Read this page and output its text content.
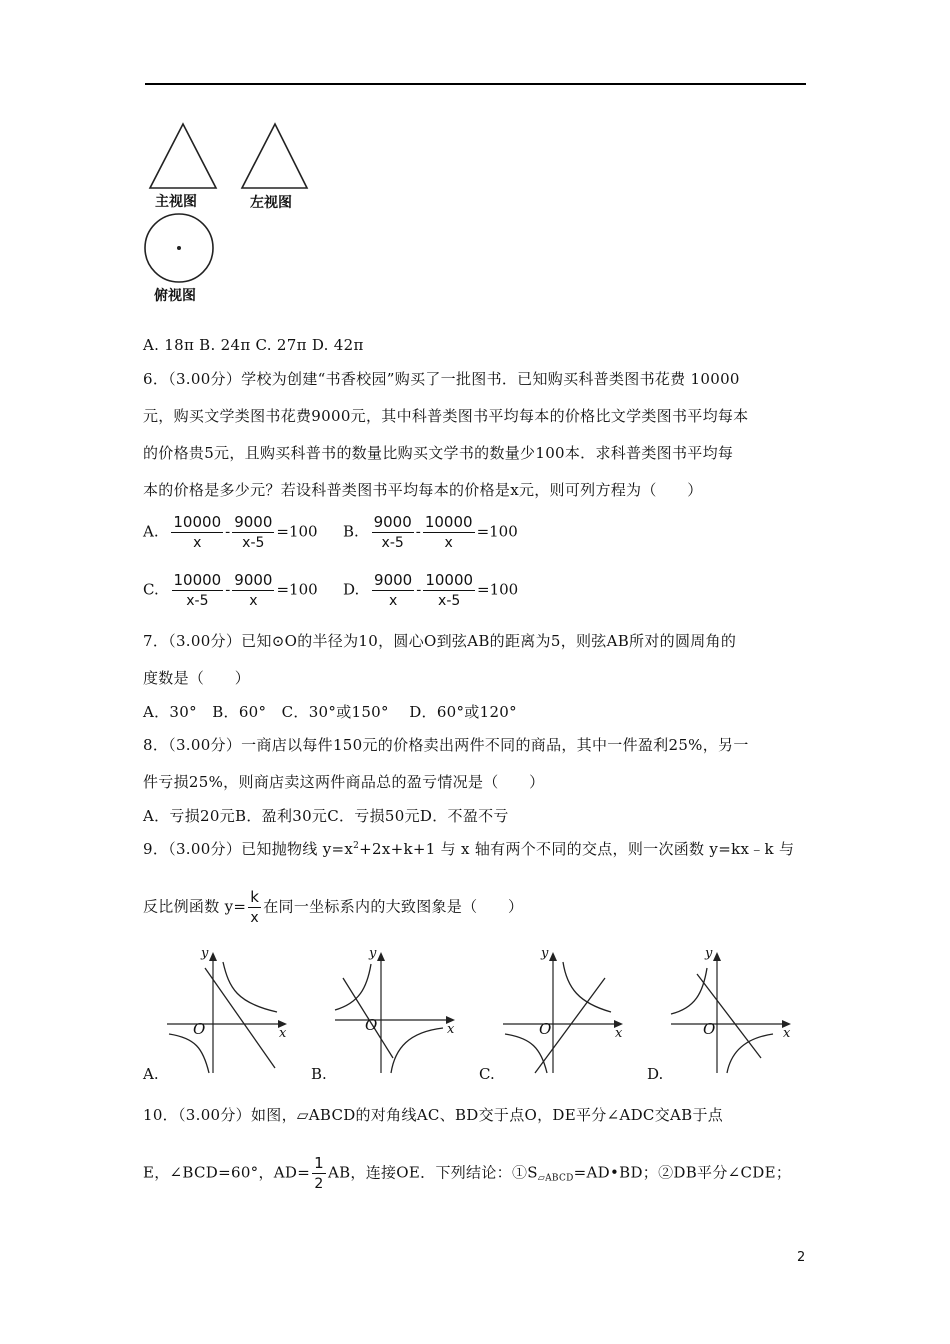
主视图	左视图
俯视图
A. 18π B. 24π C. 27π D. 42π
6．（3.00分）学校为创建“书香校园”购买了一批图书．已知购买科普类图书花费 10000
元，购买文学类图书花费9000元，其中科普类图书平均每本的价格比文学类图书平均每本
的价格贵5元，且购买科普书的数量比购买文学书的数量少100本．求科普类图书平均每
本的价格是多少元？若设科普类图书平均每本的价格是x元，则可列方程为（　　）
A. $\frac{10000}{x} - \frac{9000}{x-5} =100$ B. $\frac{9000}{x-5} - \frac{10000}{x} =100$
C. $\frac{10000}{x-5} - \frac{9000}{x} =100$ D. $\frac{9000}{x} - \frac{10000}{x-5} =100$
7．（3.00分）已知⊙O的半径为10，圆心O到弦AB的距离为5，则弦AB所对的圆周角的
度数是（　　）
A．30°　B．60°　C．30°或150°　 D．60°或120°
8．（3.00分）一商店以每件150元的价格卖出两件不同的商品，其中一件盈利25%，另一
件亏损25%，则商店卖这两件商品总的盈亏情况是（　　）
A．亏损20元B．盈利30元C．亏损50元D．不盈不亏
9．（3.00分）已知抛物线 $y=x^2+2x+k+1$ 与 x 轴有两个不同的交点，则一次函数 y=kx﹣k 与
反比例函数 $y= \frac{k}{x}$ 在同一坐标系内的大致图象是（　　）
O
y
x	O
y
x	O
y
x	O
y
x
A.	B.	C.	D.
10．（3.00分）如图，▱ABCD的对角线AC、BD交于点O，DE平分∠ADC交AB于点
E，∠BCD=60°，$AD= \frac{1}{2}$ AB，连接OE．下列结论：$①S_{▱ABCD}=AD•BD$；②DB平分∠CDE；
2
